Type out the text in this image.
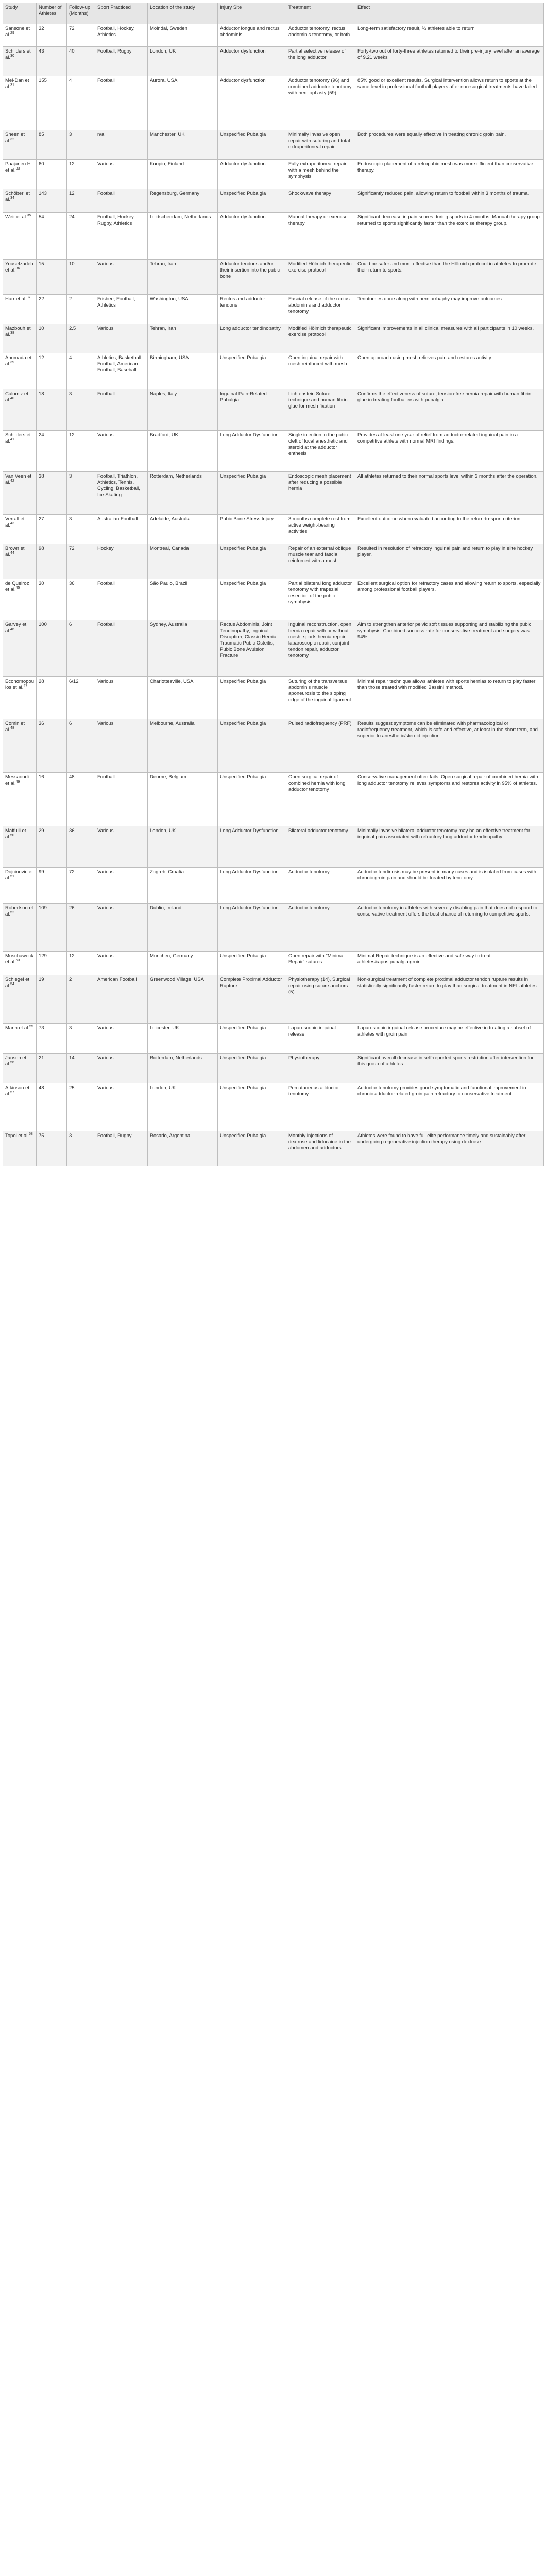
Study	Number of Athletes	Follow-up (Months)	Sport Practiced	Location of the study	Injury Site	Treatment	Effect
Sansone et al.$^{29}$	32	72	Football, Hockey, Athletics	Mölndal, Sweden	Adductor longus and rectus abdominis	Adductor tenotomy, rectus abdominis tenotomy, or both	Long-term satisfactory result, ¾ athletes able to return
Schilders et al.$^{30}$	43	40	Football, Rugby	London, UK	Adductor dysfunction	Partial selective release of the long adductor	Forty-two out of forty-three athletes returned to their pre-injury level after an average of 9.21 weeks
Mei-Dan et al.$^{31}$	155	4	Football	Aurora, USA	Adductor dysfunction	Adductor tenotomy (96) and combined adductor tenotomy with herniopl asty (59)	85% good or excellent results. Surgical intervention allows return to sports at the same level in professional football players after non-surgical treatments have failed.
Sheen et al.$^{32}$	85	3	n/a	Manchester, UK	Unspecified Pubalgia	Minimally invasive open repair with suturing and total extraperitoneal repair	Both procedures were equally effective in treating chronic groin pain.
Paajanen H et al.$^{33}$	60	12	Various	Kuopio, Finland	Adductor dysfunction	Fully extraperitoneal repair with a mesh behind the symphysis	Endoscopic placement of a retropubic mesh was more efficient than conservative therapy.
Schöberl et al.$^{34}$	143	12	Football	Regensburg, Germany	Unspecified Pubalgia	Shockwave therapy	Significantly reduced pain, allowing return to football within 3 months of trauma.
Weir et al.$^{35}$	54	24	Football, Hockey, Rugby, Athletics	Leidschendam, Netherlands	Adductor dysfunction	Manual therapy or exercise therapy	Significant decrease in pain scores during sports in 4 months. Manual therapy group returned to sports significantly faster than the exercise therapy group.
Yousefzadeh et al.$^{36}$	15	10	Various	Tehran, Iran	Adductor tendons and/or their insertion into the pubic bone	Modified Hölmich therapeutic exercise protocol	Could be safer and more effective than the Hölmich protocol in athletes to promote their return to sports.
Harr et al.$^{37}$	22	2	Frisbee, Football, Athletics	Washington, USA	Rectus and adductor tendons	Fascial release of the rectus abdominis and adductor tenotomy	Tenotomies done along with herniorrhaphy may improve outcomes.
Mazbouh et al.$^{38}$	10	2.5	Various	Tehran, Iran	Long adductor tendinopathy	Modified Hölmich therapeutic exercise protocol	Significant improvements in all clinical measures with all participants in 10 weeks.
Ahumada et al.$^{39}$	12	4	Athletics, Basketball, Football, American Football, Baseball	Birmingham, USA	Unspecified Pubalgia	Open inguinal repair with mesh reinforced with mesh	Open approach using mesh relieves pain and restores activity.
Calomiz et al.$^{40}$	18	3	Football	Naples, Italy	Inguinal Pain-Related Pubalgia	Lichtenstein Suture technique and human fibrin glue for mesh fixation	Confirms the effectiveness of suture, tension-free hernia repair with human fibrin glue in treating footballers with pubalgia.
Schilders et al.$^{41}$	24	12	Various	Bradford, UK	Long Adductor Dysfunction	Single injection in the pubic cleft of local anesthetic and steroid at the adductor enthesis	Provides at least one year of relief from adductor-related inguinal pain in a competitive athlete with normal MRI findings.
Van Veen et al.$^{42}$	38	3	Football, Triathlon, Athletics, Tennis, Cycling, Basketball, Ice Skating	Rotterdam, Netherlands	Unspecified Pubalgia	Endoscopic mesh placement after reducing a possible hernia	All athletes returned to their normal sports level within 3 months after the operation.
Verrall et al.$^{43}$	27	3	Australian Football	Adelaide, Australia	Pubic Bone Stress Injury	3 months complete rest from active weight-bearing activities	Excellent outcome when evaluated according to the return-to-sport criterion.
Brown et al.$^{44}$	98	72	Hockey	Montreal, Canada	Unspecified Pubalgia	Repair of an external oblique muscle tear and fascia reinforced with a mesh	Resulted in resolution of refractory inguinal pain and return to play in elite hockey player.
de Queiroz et al.$^{45}$	30	36	Football	São Paulo, Brazil	Unspecified Pubalgia	Partial bilateral long adductor tenotomy with trapezial resection of the pubic symphysis	Excellent surgical option for refractory cases and allowing return to sports, especially among professional football players.
Garvey et al.$^{46}$	100	6	Football	Sydney, Australia	Rectus Abdominis, Joint Tendinopathy, Inguinal Disruption, Classic Hernia, Traumatic Pubic Osteitis, Pubic Bone Avulsion Fracture	Inguinal reconstruction, open hernia repair with or without mesh, sports hernia repair, laparoscopic repair, conjoint tendon repair, adductor tenotomy	Aim to strengthen anterior pelvic soft tissues supporting and stabilizing the pubic symphysis. Combined success rate for conservative treatment and surgery was 94%.
Economopoulos et al.$^{47}$	28	6/12	Various	Charlottesville, USA	Unspecified Pubalgia	Suturing of the transversus abdominis muscle aponeurosis to the sloping edge of the inguinal ligament	Minimal repair technique allows athletes with sports hernias to return to play faster than those treated with modified Bassini method.
Comin et al.$^{48}$	36	6	Various	Melbourne, Australia	Unspecified Pubalgia	Pulsed radiofrequency (PRF)	Results suggest symptoms can be eliminated with pharmacological or radiofrequency treatment, which is safe and effective, at least in the short term, and superior to anesthetic/steroid injection.
Messaoudi et al.$^{49}$	16	48	Football	Deurne, Belgium	Unspecified Pubalgia	Open surgical repair of combined hernia with long adductor tenotomy	Conservative management often fails. Open surgical repair of combined hernia with long adductor tenotomy relieves symptoms and restores activity in 95% of athletes.
Maffulli et al.$^{50}$	29	36	Various	London, UK	Long Adductor Dysfunction	Bilateral adductor tenotomy	Minimally invasive bilateral adductor tenotomy may be an effective treatment for inguinal pain associated with refractory long adductor tendinopathy.
Dojcinovic et al.$^{51}$	99	72	Various	Zagreb, Croatia	Long Adductor Dysfunction	Adductor tenotomy	Adductor tendinosis may be present in many cases and is isolated from cases with chronic groin pain and should be treated by tenotomy.
Robertson et al.$^{52}$	109	26	Various	Dublin, Ireland	Long Adductor Dysfunction	Adductor tenotomy	Adductor tenotomy in athletes with severely disabling pain that does not respond to conservative treatment offers the best chance of returning to competitive sports.
Muschaweck et al.$^{53}$	129	12	Various	München, Germany	Unspecified Pubalgia	Open repair with "Minimal Repair" sutures	Minimal Repair technique is an effective and safe way to treat athletes&apos;pubalgia groin.
Schlegel et al.$^{54}$	19	2	American Football	Greenwood Village, USA	Complete Proximal Adductor Rupture	Physiotherapy (14), Surgical repair using suture anchors (5)	Non-surgical treatment of complete proximal adductor tendon rupture results in statistically significantly faster return to play than surgical treatment in NFL athletes.
Mann et al.$^{55}$	73	3	Various	Leicester, UK	Unspecified Pubalgia	Laparoscopic inguinal release	Laparoscopic inguinal release procedure may be effective in treating a subset of athletes with groin pain.
Jansen et al.$^{56}$	21	14	Various	Rotterdam, Netherlands	Unspecified Pubalgia	Physiotherapy	Significant overall decrease in self-reported sports restriction after intervention for this group of athletes.
Atkinson et al.$^{57}$	48	25	Various	London, UK	Unspecified Pubalgia	Percutaneous adductor tenotomy	Adductor tenotomy provides good symptomatic and functional improvement in chronic adductor-related groin pain refractory to conservative treatment.
Topol et al.$^{58}$	75	3	Football, Rugby	Rosario, Argentina	Unspecified Pubalgia	Monthly injections of dextrose and lidocaine in the abdomen and adductors	Athletes were found to have full elite performance timely and sustainably after undergoing regenerative injection therapy using dextrose
